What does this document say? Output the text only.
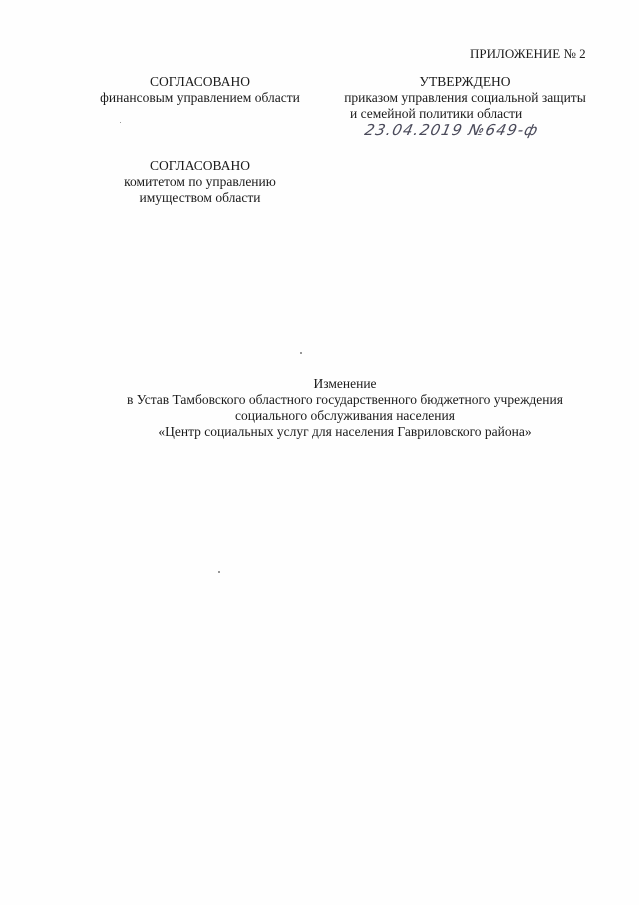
ПРИЛОЖЕНИЕ № 2
СОГЛАСОВАНО
финансовым управлением области
УТВЕРЖДЕНО
приказом управления социальной защиты
и семейной политики области
23.04.2019 №649-ф
СОГЛАСОВАНО
комитетом по управлению
имуществом области
Изменение
в Устав Тамбовского областного государственного бюджетного учреждения
социального обслуживания населения
«Центр социальных услуг для населения Гавриловского района»
